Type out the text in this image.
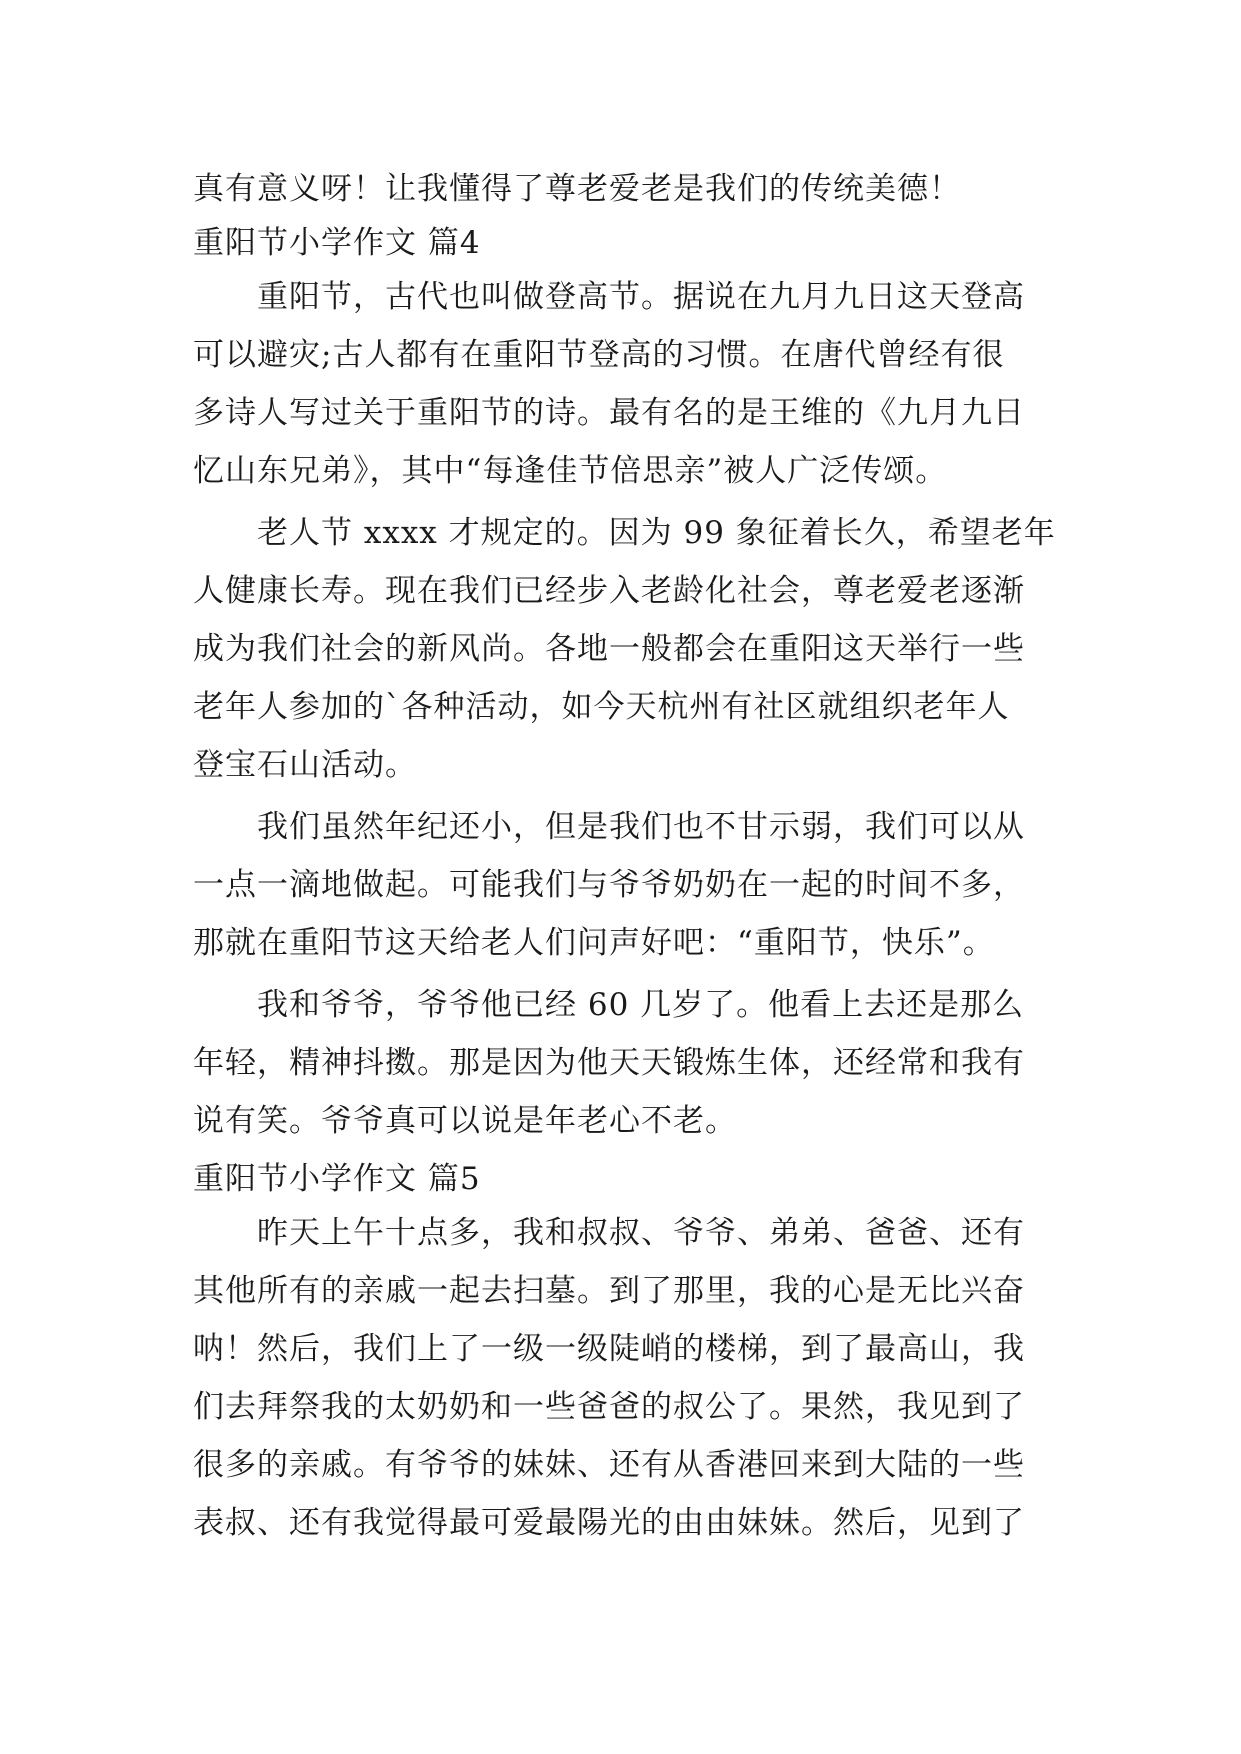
真有意义呀！让我懂得了尊老爱老是我们的传统美德！
重阳节小学作文 篇4
重阳节，古代也叫做登高节。据说在九月九日这天登高
可以避灾;古人都有在重阳节登高的习惯。在唐代曾经有很
多诗人写过关于重阳节的诗。最有名的是王维的《九月九日
忆山东兄弟》，其中“每逢佳节倍思亲”被人广泛传颂。
老人节 xxxx 才规定的。因为 99 象征着长久，希望老年
人健康长寿。现在我们已经步入老龄化社会，尊老爱老逐渐
成为我们社会的新风尚。各地一般都会在重阳这天举行一些
老年人参加的`各种活动，如今天杭州有社区就组织老年人
登宝石山活动。
我们虽然年纪还小，但是我们也不甘示弱，我们可以从
一点一滴地做起。可能我们与爷爷奶奶在一起的时间不多，
那就在重阳节这天给老人们问声好吧：“重阳节，快乐”。
我和爷爷，爷爷他已经 60 几岁了。他看上去还是那么
年轻，精神抖擞。那是因为他天天锻炼生体，还经常和我有
说有笑。爷爷真可以说是年老心不老。
重阳节小学作文 篇5
昨天上午十点多，我和叔叔、爷爷、弟弟、爸爸、还有
其他所有的亲戚一起去扫墓。到了那里，我的心是无比兴奋
呐！然后，我们上了一级一级陡峭的楼梯，到了最高山，我
们去拜祭我的太奶奶和一些爸爸的叔公了。果然，我见到了
很多的亲戚。有爷爷的妹妹、还有从香港回来到大陆的一些
表叔、还有我觉得最可爱最陽光的由由妹妹。然后，见到了
